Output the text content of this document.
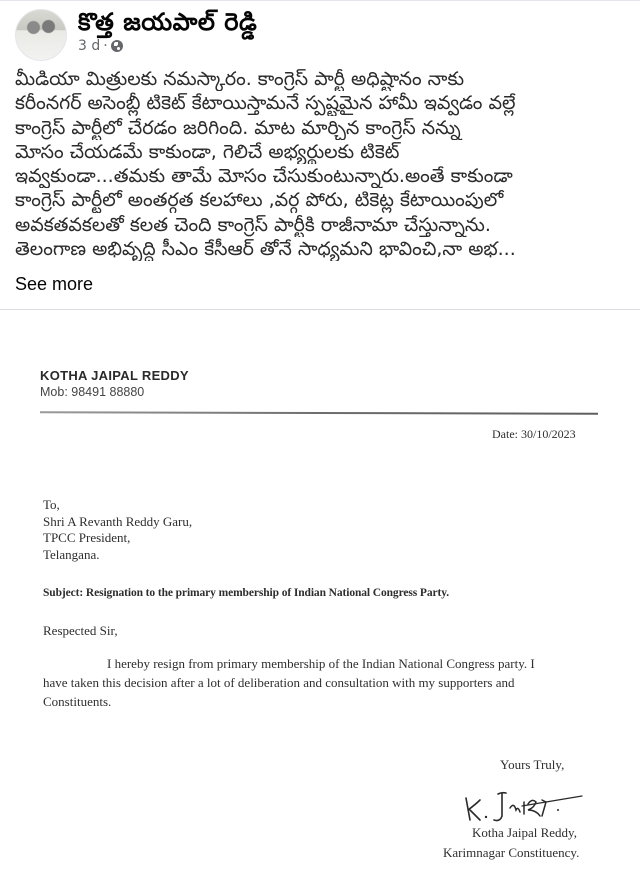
కొత్త జయపాల్ రెడ్డి
3 d ·
మీడియా మిత్రులకు నమస్కారం. కాంగ్రెస్ పార్టీ అధిష్టానం నాకు
కరీంనగర్ అసెంబ్లీ టికెట్ కేటాయిస్తామనే స్పష్టమైన హామీ ఇవ్వడం వల్లే
కాంగ్రెస్ పార్టీలో చేరడం జరిగింది. మాట మార్చిన కాంగ్రెస్ నన్ను
మోసం చేయడమే కాకుండా, గెలిచే అభ్యర్థులకు టికెట్
ఇవ్వకుండా...తమకు తామే మోసం చేసుకుంటున్నారు.అంతే కాకుండా
కాంగ్రెస్ పార్టీలో అంతర్గత కలహాలు ,వర్గ పోరు, టికెట్ల కేటాయింపులో
అవకతవకలతో కలత చెంది కాంగ్రెస్ పార్టీకి రాజీనామా చేస్తున్నాను.
తెలంగాణ అభివృద్ధి సీఎం కేసీఆర్ తోనే సాధ్యమని భావించి,నా అభ...
See more
KOTHA JAIPAL REDDY
Mob: 98491 88880
Date: 30/10/2023
To,
Shri A Revanth Reddy Garu,
TPCC President,
Telangana.
Subject: Resignation to the primary membership of Indian National Congress Party.
Respected Sir,
I hereby resign from primary membership of the Indian National Congress party. I
have taken this decision after a lot of deliberation and consultation with my supporters and
Constituents.
Yours Truly,
Kotha Jaipal Reddy,
Karimnagar Constituency.
